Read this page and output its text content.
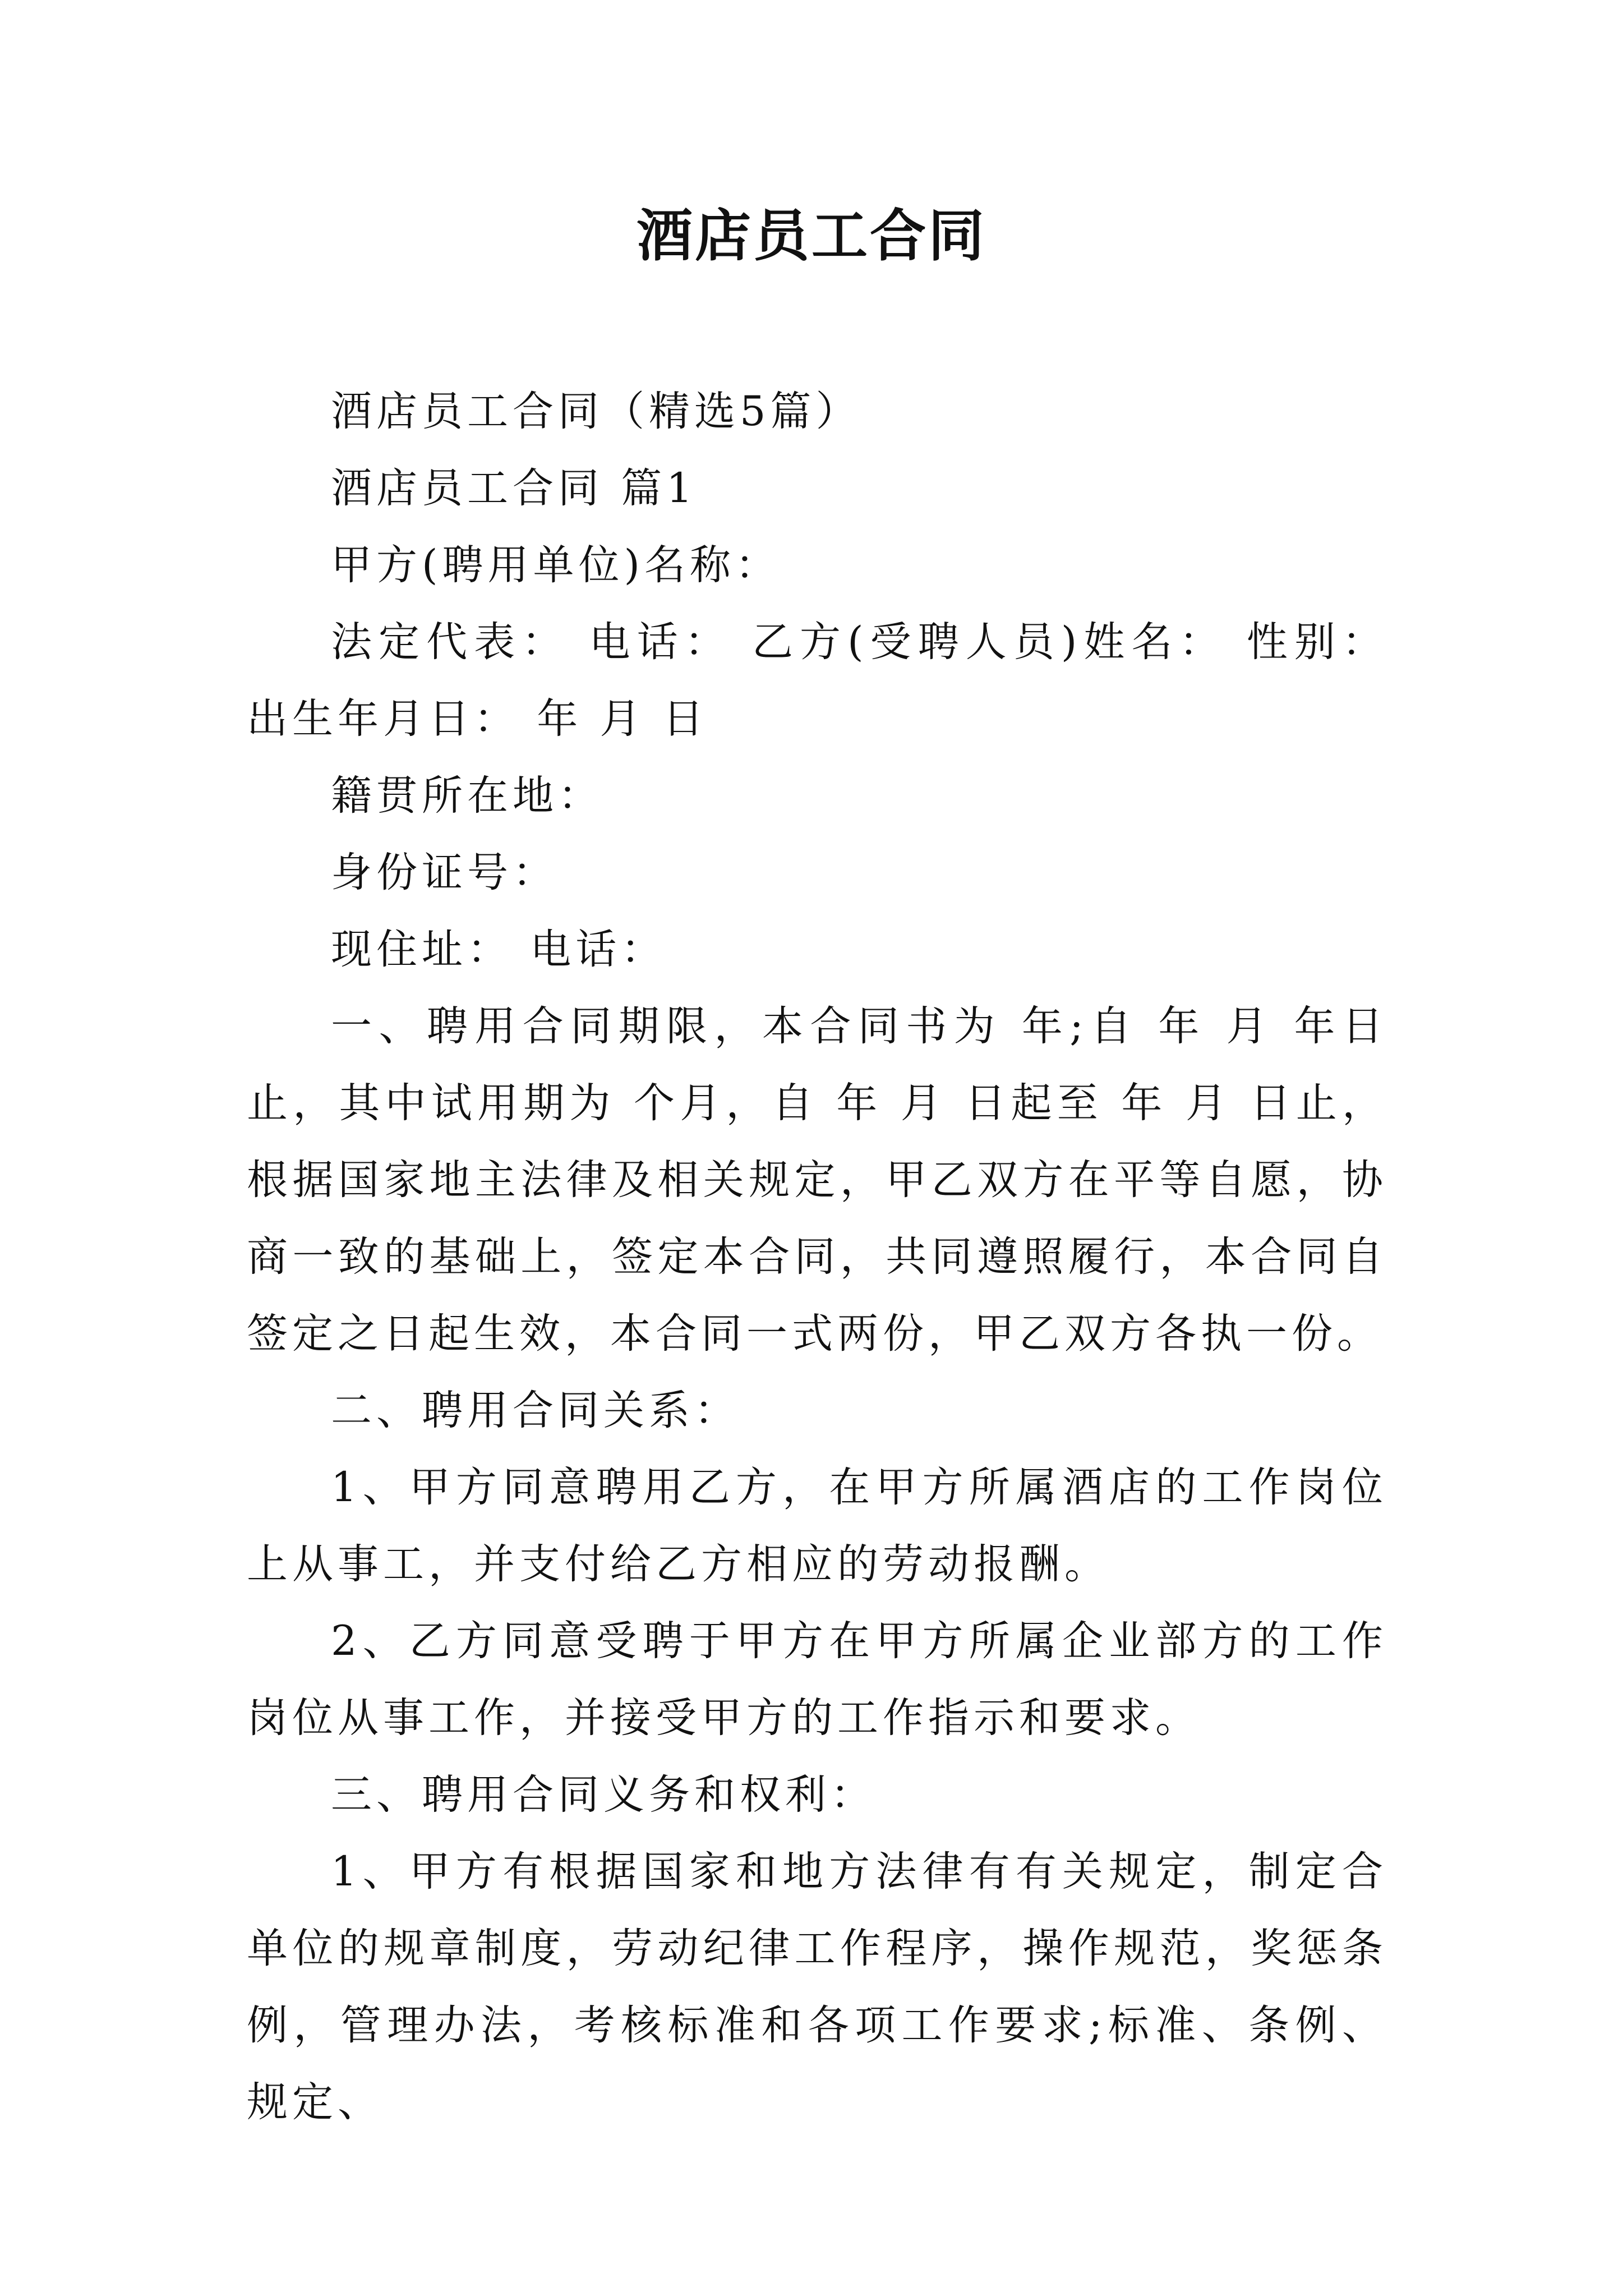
酒店员工合同

酒店员工合同（精选5篇）

酒店员工合同 篇1

甲方(聘用单位)名称：

法定代表： 电话： 乙方(受聘人员)姓名： 性别： 出生年月日： 年 月 日

籍贯所在地：

身份证号：

现住址： 电话：

一、聘用合同期限，本合同书为 年;自 年 月 年日止，其中试用期为 个月，自 年 月 日起至 年 月 日止，根据国家地主法律及相关规定，甲乙双方在平等自愿，协商一致的基础上，签定本合同，共同遵照履行，本合同自签定之日起生效，本合同一式两份，甲乙双方各执一份。

二、聘用合同关系：

1、甲方同意聘用乙方，在甲方所属酒店的工作岗位上从事工，并支付给乙方相应的劳动报酬。

2、乙方同意受聘于甲方在甲方所属企业部方的工作岗位从事工作，并接受甲方的工作指示和要求。

三、聘用合同义务和权利：

1、甲方有根据国家和地方法律有有关规定，制定合单位的规章制度，劳动纪律工作程序，操作规范，奖惩条例，管理办法，考核标准和各项工作要求;标准、条例、规定、
